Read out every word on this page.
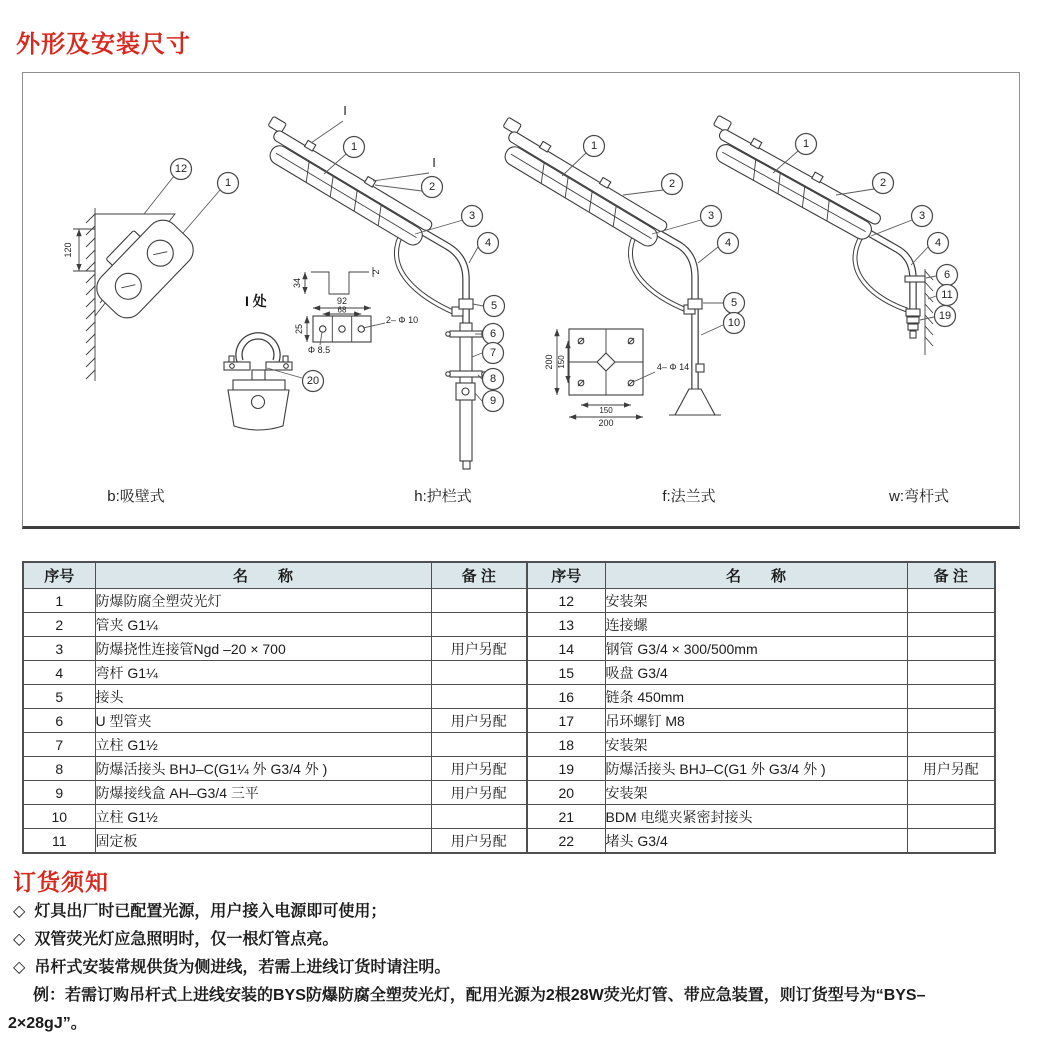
外形及安装尺寸
120
12
1
b:吸壁式
I 处
20
34
2
92
68
25
Φ 8.5
2– Φ 10
I
1
I
2
3
4
5
6
7
8
9
h:护栏式
1
2
3
4
5
10
f:法兰式
200 150
150
200
4– Φ 14
1
2
3
4
6
11
19
w:弯杆式
序号	名　　称	备 注
1	防爆防腐全塑荧光灯	
2	管夹 G1¼	
3	防爆挠性连接管Ngd –20 × 700	用户另配
4	弯杆 G1¼	
5	接头	
6	U 型管夹	用户另配
7	立柱 G1½	
8	防爆活接头 BHJ–C(G1¼ 外 G3/4 外 )	用户另配
9	防爆接线盒 AH–G3/4 三平	用户另配
10	立柱 G1½	
11	固定板	用户另配
序号	名　　称	备 注
12	安装架	
13	连接螺	
14	钢管 G3/4 × 300/500mm	
15	吸盘 G3/4	
16	链条 450mm	
17	吊环螺钉 M8	
18	安装架	
19	防爆活接头 BHJ–C(G1 外 G3/4 外 )	用户另配
20	安装架	
21	BDM 电缆夹紧密封接头	
22	堵头 G3/4	
订货须知
◇ 灯具出厂时已配置光源，用户接入电源即可使用；
◇ 双管荧光灯应急照明时，仅一根灯管点亮。
◇ 吊杆式安装常规供货为侧进线，若需上进线订货时请注明。
例：若需订购吊杆式上进线安装的BYS防爆防腐全塑荧光灯，配用光源为2根28W荧光灯管、带应急装置，则订货型号为“BYS–
2×28gJ”。
